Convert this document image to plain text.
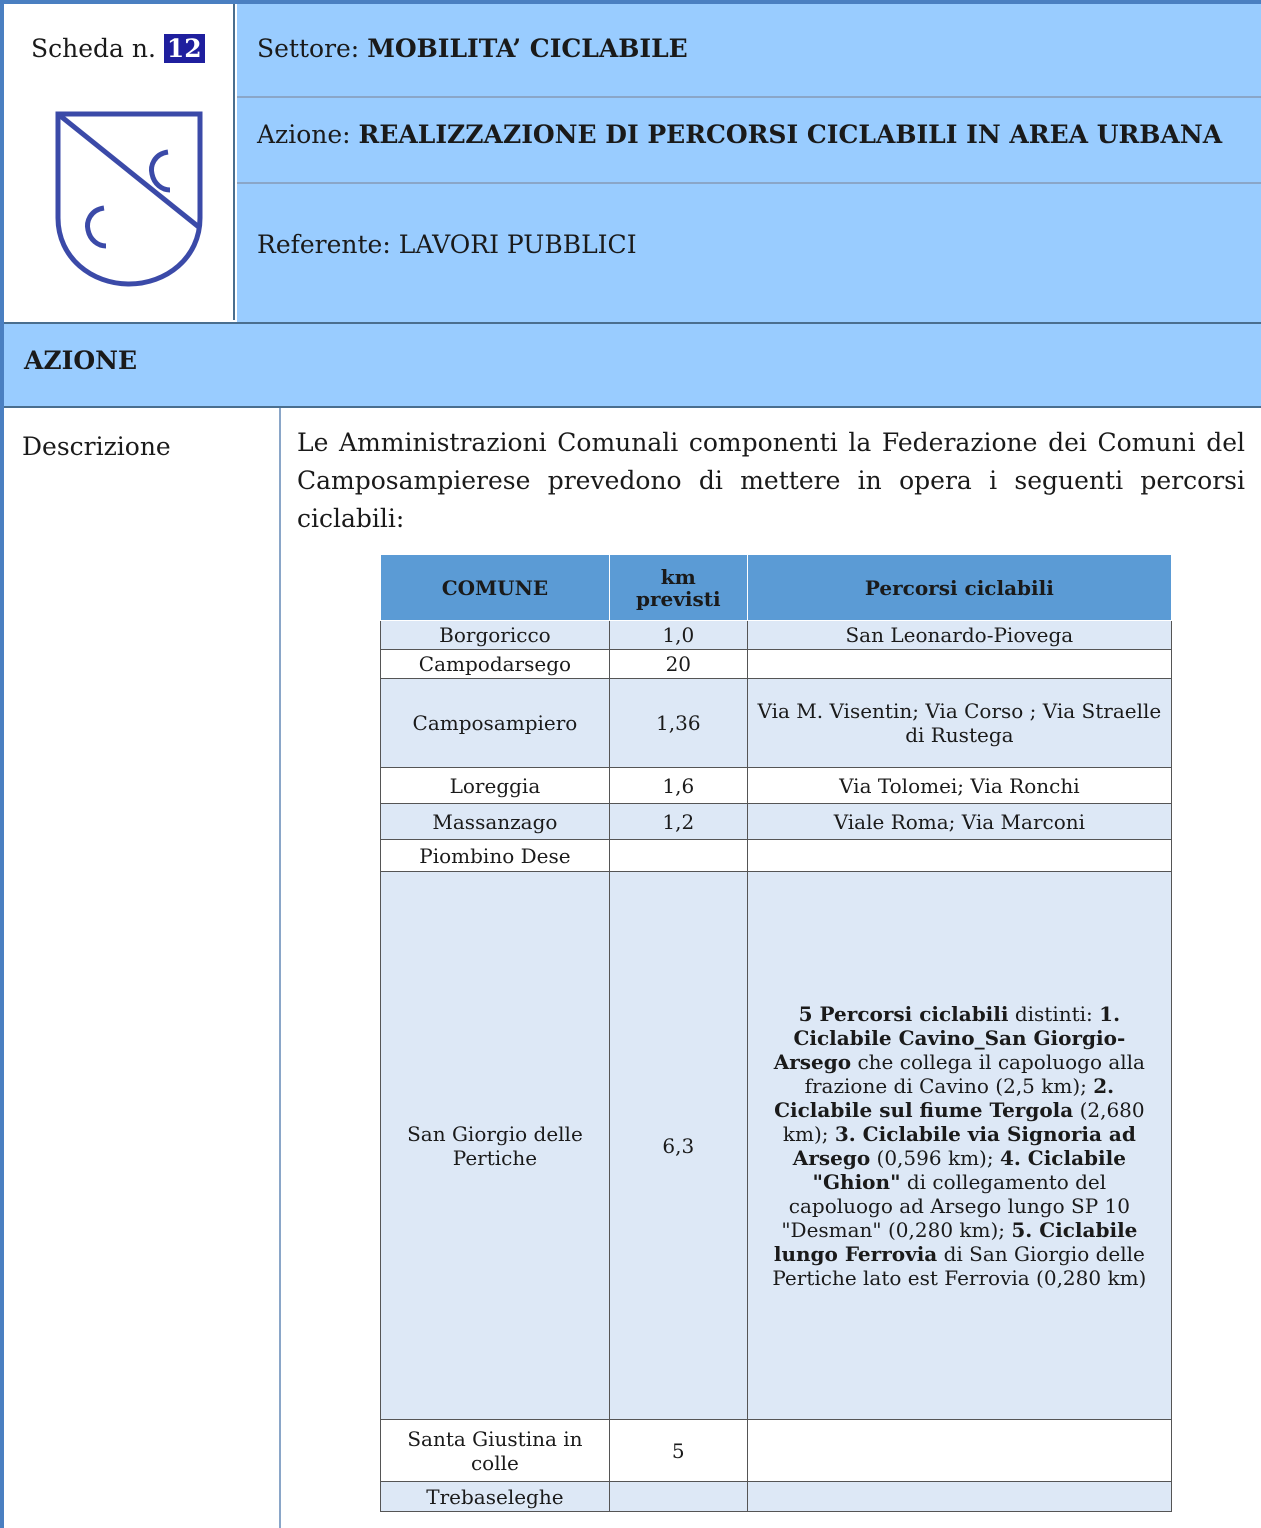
Scheda n. 12 Settore: MOBILITA’ CICLABILE
Azione: REALIZZAZIONE DI PERCORSI CICLABILI IN AREA URBANA
Referente: LAVORI PUBBLICI
AZIONE
Descrizione	Le Amministrazioni Comunali componenti la Federazione dei Comuni del Camposampierese prevedono di mettere in opera i seguenti percorsi ciclabili:
COMUNE	km previsti	Percorsi ciclabili
Borgoricco	1,0	San Leonardo-Piovega
Campodarsego	20	
Camposampiero	1,36	Via M. Visentin; Via Corso ; Via Straelle di Rustega
Loreggia	1,6	Via Tolomei; Via Ronchi
Massanzago	1,2	Viale Roma; Via Marconi
Piombino Dese		
San Giorgio delle Pertiche	6,3	5 Percorsi ciclabili distinti: 1. Ciclabile Cavino_San Giorgio-Arsego che collega il capoluogo alla frazione di Cavino (2,5 km); 2. Ciclabile sul fiume Tergola (2,680 km); 3. Ciclabile via Signoria ad Arsego (0,596 km); 4. Ciclabile "Ghion" di collegamento del capoluogo ad Arsego lungo SP 10 "Desman" (0,280 km); 5. Ciclabile lungo Ferrovia di San Giorgio delle Pertiche lato est Ferrovia (0,280 km)
Santa Giustina in colle	5	
Trebaseleghe		
